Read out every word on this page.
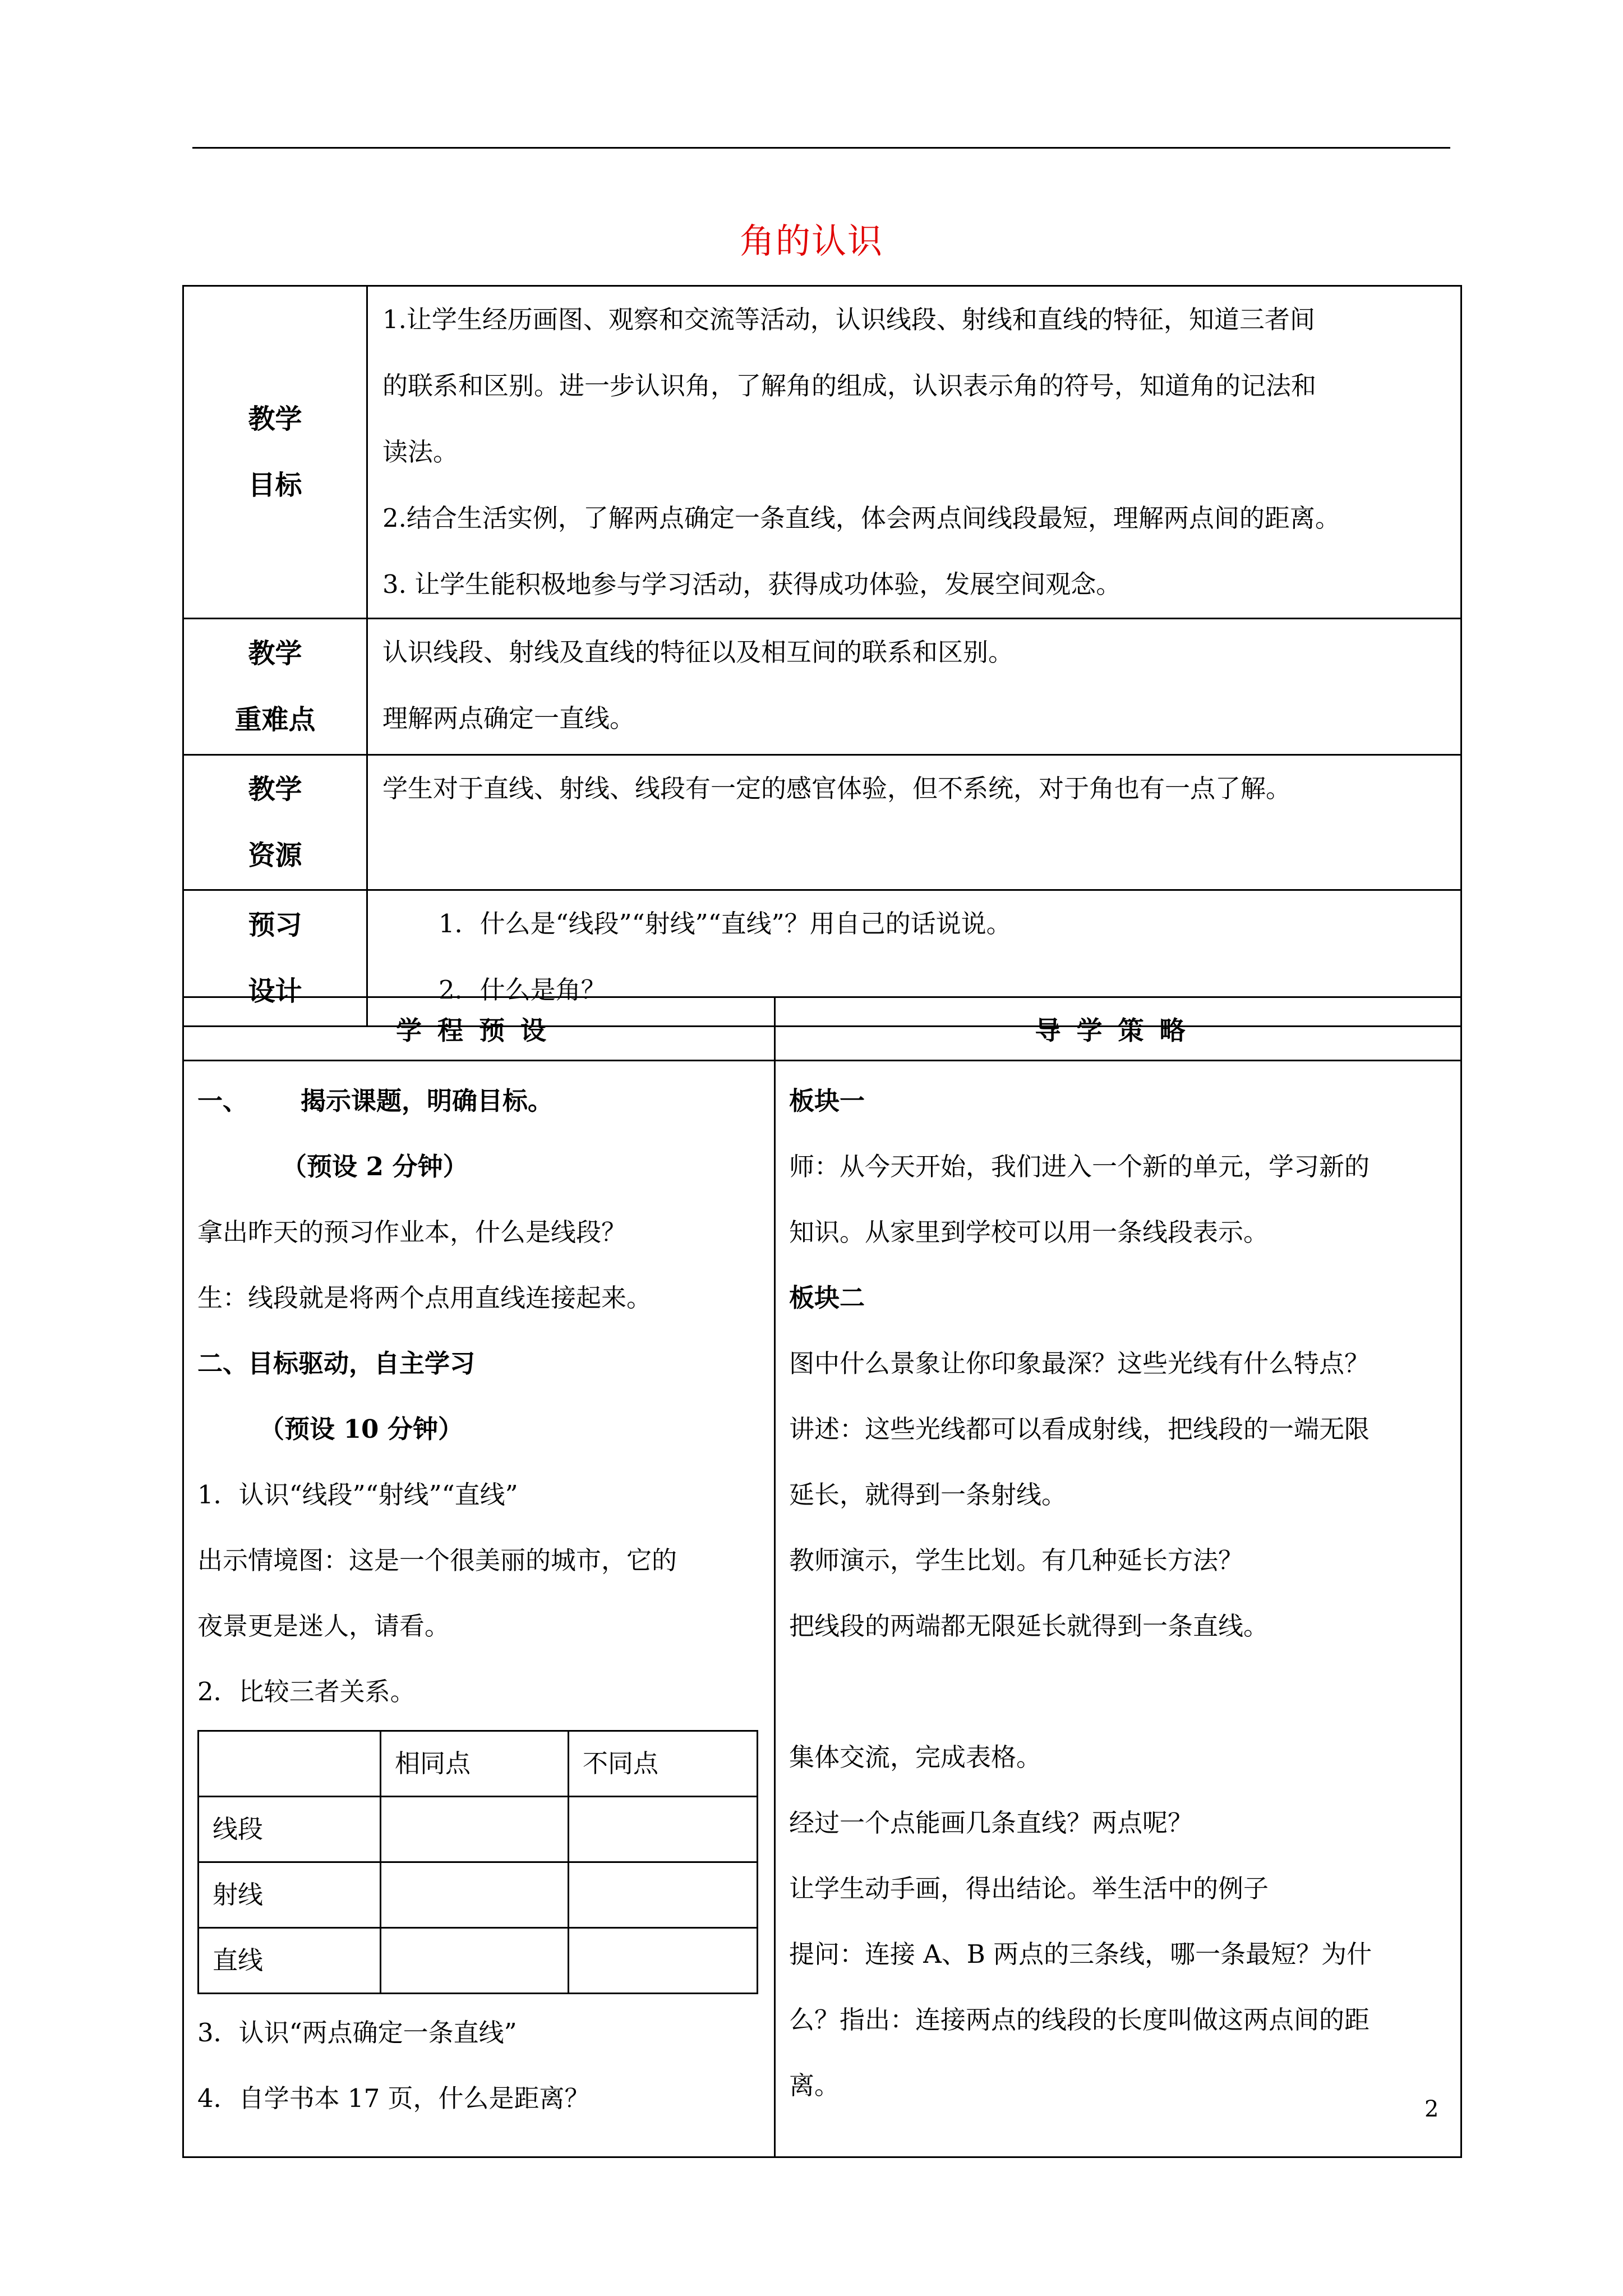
角的认识
教学
目标	1.让学生经历画图、观察和交流等活动，认识线段、射线和直线的特征，知道三者间
的联系和区别。进一步认识角，了解角的组成，认识表示角的符号，知道角的记法和
读法。
2.结合生活实例，了解两点确定一条直线，体会两点间线段最短，理解两点间的距离。
3. 让学生能积极地参与学习活动，获得成功体验，发展空间观念。

教学
重难点	认识线段、射线及直线的特征以及相互间的联系和区别。
理解两点确定一直线。

教学
资源	学生对于直线、射线、线段有一定的感官体验，但不系统，对于角也有一点了解。

预习
设计	1．什么是“线段”“射线”“直线”？用自己的话说说。
2．什么是角？
学程预设	导学策略

一、      揭示课题，明确目标。
（预设 2 分钟）
拿出昨天的预习作业本，什么是线段？
生：线段就是将两个点用直线连接起来。
二、目标驱动，自主学习
（预设 10 分钟）
1．认识“线段”“射线”“直线”
出示情境图：这是一个很美丽的城市，它的
夜景更是迷人，请看。
2．比较三者关系。
	相同点	不同点
线段		
射线		
直线		
3．认识“两点确定一条直线”
4．自学书本 17 页，什么是距离？

板块一
师：从今天开始，我们进入一个新的单元，学习新的
知识。从家里到学校可以用一条线段表示。
板块二
图中什么景象让你印象最深？这些光线有什么特点？
讲述：这些光线都可以看成射线，把线段的一端无限
延长，就得到一条射线。
教师演示，学生比划。有几种延长方法？
把线段的两端都无限延长就得到一条直线。
集体交流，完成表格。
经过一个点能画几条直线？两点呢？
让学生动手画，得出结论。举生活中的例子
提问：连接 A、B 两点的三条线，哪一条最短？为什
么？指出：连接两点的线段的长度叫做这两点间的距
离。
2
